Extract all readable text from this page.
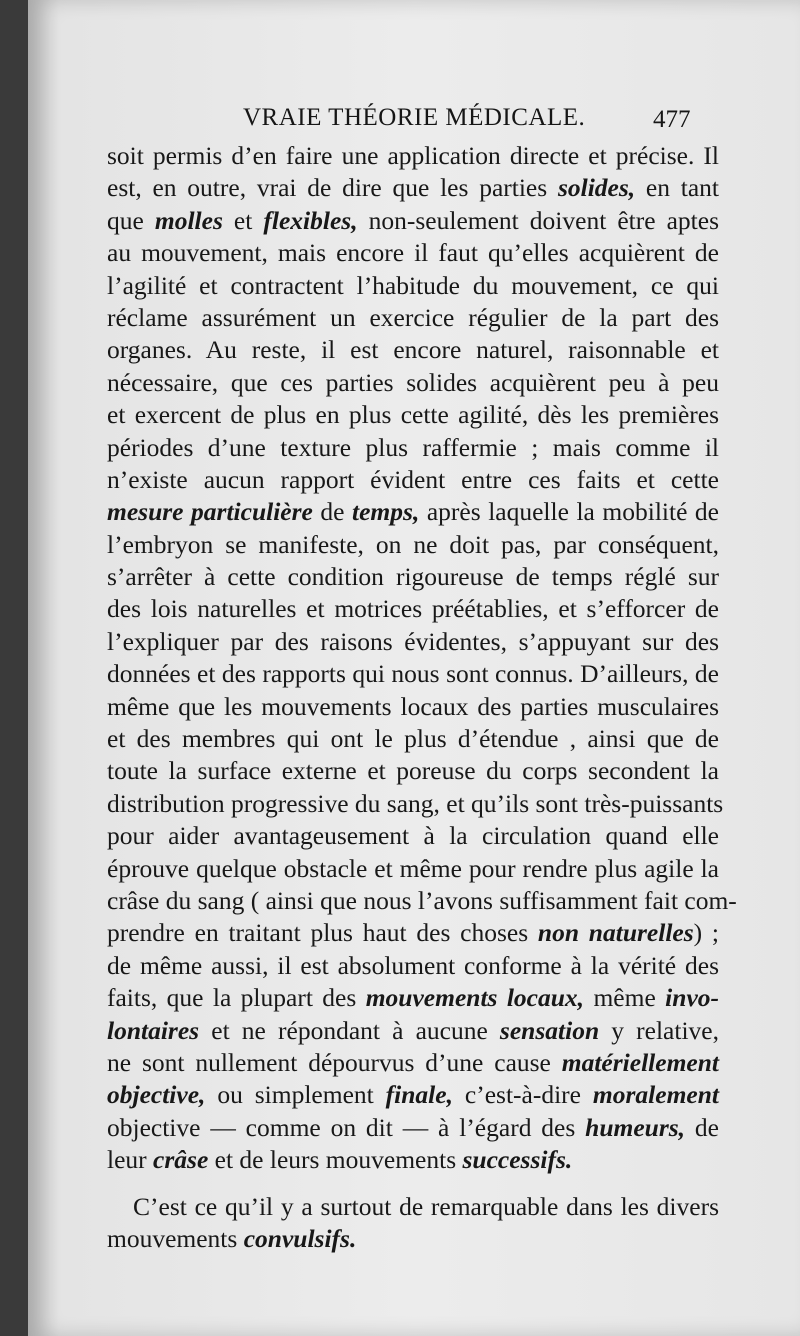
VRAIE THÉORIE MÉDICALE.	477
soit permis d’en faire une application directe et précise. Il
est, en outre, vrai de dire que les parties solides, en tant
que molles et flexibles, non-seulement doivent être aptes
au mouvement, mais encore il faut qu’elles acquièrent de
l’agilité et contractent l’habitude du mouvement, ce qui
réclame assurément un exercice régulier de la part des
organes. Au reste, il est encore naturel, raisonnable et
nécessaire, que ces parties solides acquièrent peu à peu
et exercent de plus en plus cette agilité, dès les premières
périodes d’une texture plus raffermie ; mais comme il
n’existe aucun rapport évident entre ces faits et cette
mesure particulière de temps, après laquelle la mobilité de
l’embryon se manifeste, on ne doit pas, par conséquent,
s’arrêter à cette condition rigoureuse de temps réglé sur
des lois naturelles et motrices préétablies, et s’efforcer de
l’expliquer par des raisons évidentes, s’appuyant sur des
données et des rapports qui nous sont connus. D’ailleurs, de
même que les mouvements locaux des parties musculaires
et des membres qui ont le plus d’étendue , ainsi que de
toute la surface externe et poreuse du corps secondent la
distribution progressive du sang, et qu’ils sont très-puissants
pour aider avantageusement à la circulation quand elle
éprouve quelque obstacle et même pour rendre plus agile la
crâse du sang ( ainsi que nous l’avons suffisamment fait com-
prendre en traitant plus haut des choses non naturelles) ;
de même aussi, il est absolument conforme à la vérité des
faits, que la plupart des mouvements locaux, même invo-
lontaires et ne répondant à aucune sensation y relative,
ne sont nullement dépourvus d’une cause matériellement
objective, ou simplement finale, c’est-à-dire moralement
objective — comme on dit — à l’égard des humeurs, de
leur crâse et de leurs mouvements successifs.
C’est ce qu’il y a surtout de remarquable dans les divers
mouvements convulsifs.
